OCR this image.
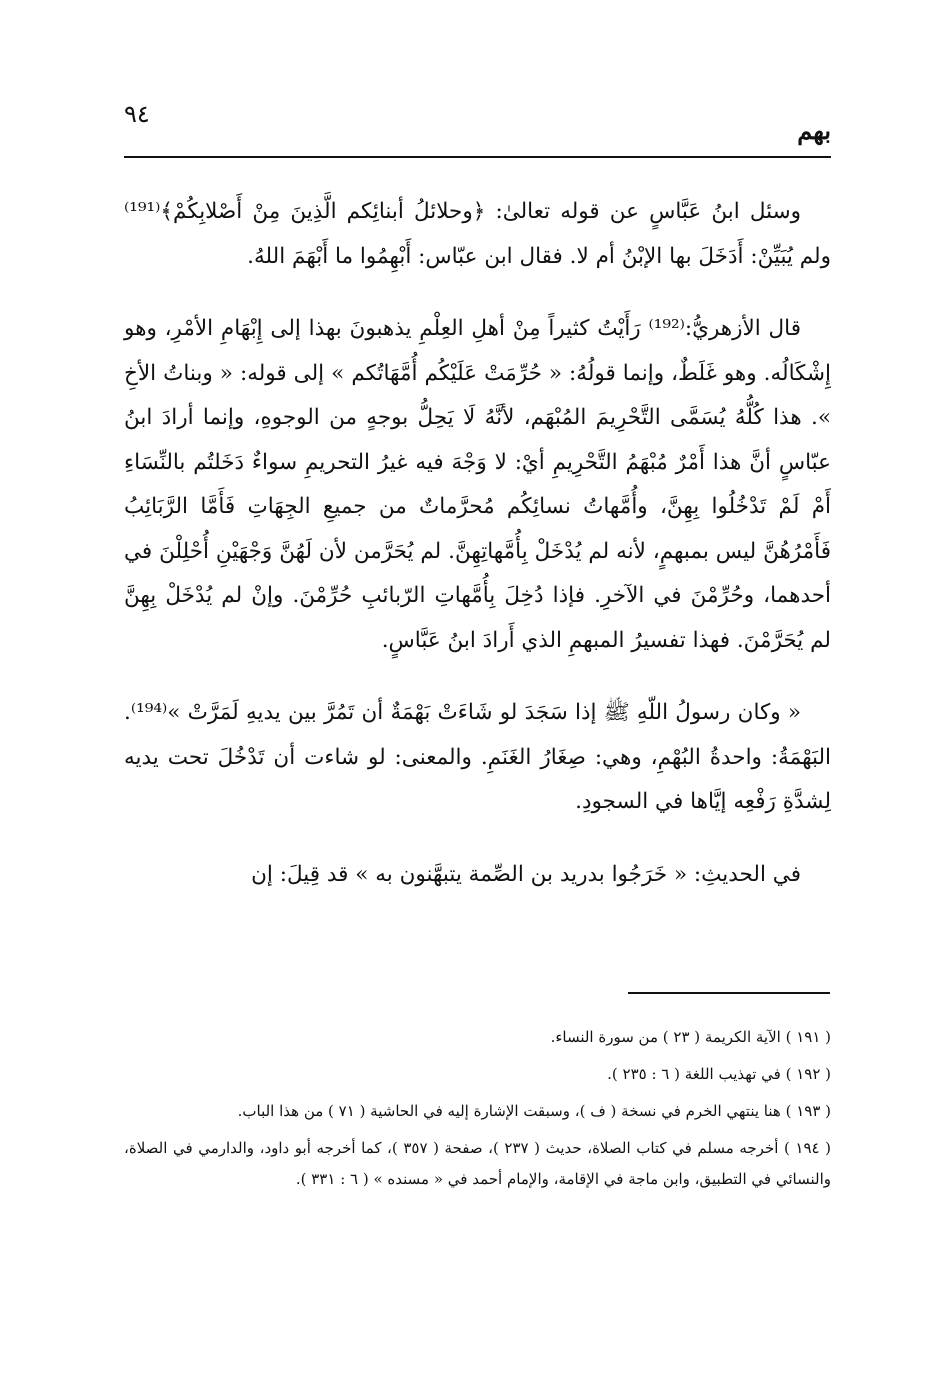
٩٤
بهم

وسئل ابنُ عَبَّاسٍ عن قوله تعالىٰ: ﴿وحلائلُ أبنائِكم الَّذِينَ مِنْ أَصْلابِكُمْ﴾⁽¹⁹¹⁾ ولم يُبَيِّنْ: أَدَخَلَ بها الإبْنُ أم لا. فقال ابن عبّاس: أَبْهِمُوا ما أَبْهَمَ اللهُ.

قال الأزهريُّ:⁽¹⁹²⁾ رَأَيْتُ كثيراً مِنْ أهلِ العِلْمِ يذهبونَ بهذا إلى إِبْهَامِ الأمْرِ، وهو إِشْكَالُه. وهو غَلَطٌ، وإنما قولُهُ: « حُرِّمَتْ عَلَيْكُم أُمَّهَاتُكم » إلى قوله: « وبناتُ الأخِ ». هذا كُلُّهُ يُسَمَّى التَّحْرِيمَ المُبْهَم، لأنَّهُ لَا يَحِلُّ بوجهٍ من الوجوهِ، وإنما أرادَ ابنُ عبّاسٍ أنَّ هذا أَمْرٌ مُبْهَمُ التَّحْرِيمِ أيْ: لا وَجْهَ فيه غيرُ التحريمِ سواءٌ دَخَلتُم بالنِّسَاءِ أَمْ لَمْ تَدْخُلُوا بِهِنَّ، وأُمَّهاتُ نسائِكُم مُحرَّماتٌ من جميعِ الجِهَاتِ فَأَمَّا الرَّبَائِبُ فَأَمْرُهُنَّ ليس بمبهمٍ، لأنه لم يُدْخَلْ بِأُمَّهاتِهِنَّ. لم يُحَرَّمن لأن لَهُنَّ وَجْهَيْنِ أُحْلِلْنَ في أحدهما، وحُرِّمْنَ في الآخرِ. فإذا دُخِلَ بِأُمَّهاتِ الرّبائبِ حُرِّمْنَ. وإنْ لم يُدْخَلْ بِهِنَّ لم يُحَرَّمْنَ. فهذا تفسيرُ المبهمِ الذي أَرادَ ابنُ عَبَّاسٍ.

« وكان رسولُ اللّهِ ﷺ إذا سَجَدَ لو شَاءَتْ بَهْمَةٌ أن تَمُرَّ بين يديهِ لَمَرَّتْ »⁽¹⁹⁴⁾. البَهْمَةُ: واحدةُ البُهْمِ، وهي: صِغَارُ الغَنَمِ. والمعنى: لو شاءت أن تَدْخُلَ تحت يديه لِشدَّةِ رَفْعِه إيَّاها في السجودِ.

في الحديثِ: « خَرَجُوا بدريد بن الصِّمة يتبهَّنون به » قد قِيلَ: إن

( ١٩١ ) الآية الكريمة ( ٢٣ ) من سورة النساء.

( ١٩٢ ) في تهذيب اللغة ( ٦ : ٢٣٥ ).

( ١٩٣ ) هنا ينتهي الخرم في نسخة ( ف )، وسبقت الإشارة إليه في الحاشية ( ٧١ ) من هذا الباب.

( ١٩٤ ) أخرجه مسلم في كتاب الصلاة، حديث ( ٢٣٧ )، صفحة ( ٣٥٧ )، كما أخرجه أبو داود، والدارمي في الصلاة، والنسائي في التطبيق، وابن ماجة في الإقامة، والإمام أحمد في « مسنده » ( ٦ : ٣٣١ ).
